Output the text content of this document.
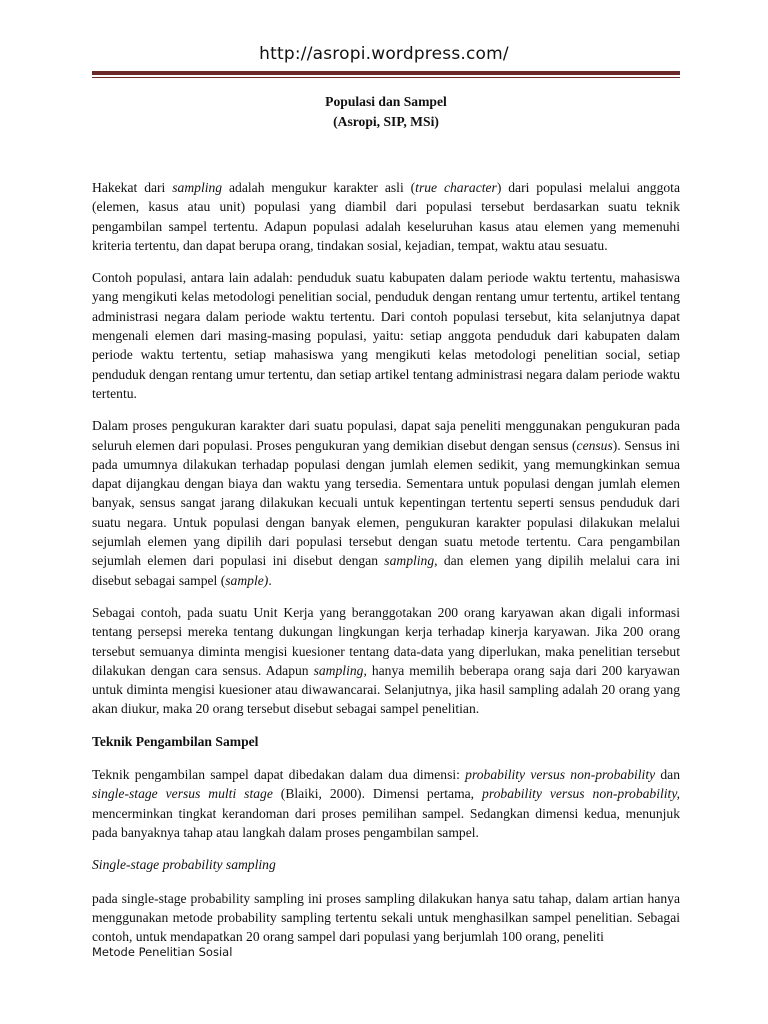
http://asropi.wordpress.com/
Populasi dan Sampel
(Asropi, SIP, MSi)

Hakekat dari sampling adalah mengukur karakter asli (true character) dari populasi melalui anggota (elemen, kasus atau unit) populasi yang diambil dari populasi tersebut berdasarkan suatu teknik pengambilan sampel tertentu. Adapun populasi adalah keseluruhan kasus atau elemen yang memenuhi kriteria tertentu, dan dapat berupa orang, tindakan sosial, kejadian, tempat, waktu atau sesuatu.

Contoh populasi, antara lain adalah: penduduk suatu kabupaten dalam periode waktu tertentu, mahasiswa yang mengikuti kelas metodologi penelitian social, penduduk dengan rentang umur tertentu, artikel tentang administrasi negara dalam periode waktu tertentu. Dari contoh populasi tersebut, kita selanjutnya dapat mengenali elemen dari masing-masing populasi, yaitu: setiap anggota penduduk dari kabupaten dalam periode waktu tertentu, setiap mahasiswa yang mengikuti kelas metodologi penelitian social, setiap penduduk dengan rentang umur tertentu, dan setiap artikel tentang administrasi negara dalam periode waktu tertentu.

Dalam proses pengukuran karakter dari suatu populasi, dapat saja peneliti menggunakan pengukuran pada seluruh elemen dari populasi. Proses pengukuran yang demikian disebut dengan sensus (census). Sensus ini pada umumnya dilakukan terhadap populasi dengan jumlah elemen sedikit, yang memungkinkan semua dapat dijangkau dengan biaya dan waktu yang tersedia. Sementara untuk populasi dengan jumlah elemen banyak, sensus sangat jarang dilakukan kecuali untuk kepentingan tertentu seperti sensus penduduk dari suatu negara. Untuk populasi dengan banyak elemen, pengukuran karakter populasi dilakukan melalui sejumlah elemen yang dipilih dari populasi tersebut dengan suatu metode tertentu. Cara pengambilan sejumlah elemen dari populasi ini disebut dengan sampling, dan elemen yang dipilih melalui cara ini disebut sebagai sampel (sample).

Sebagai contoh, pada suatu Unit Kerja yang beranggotakan 200 orang karyawan akan digali informasi tentang persepsi mereka tentang dukungan lingkungan kerja terhadap kinerja karyawan. Jika 200 orang tersebut semuanya diminta mengisi kuesioner tentang data-data yang diperlukan, maka penelitian tersebut dilakukan dengan cara sensus. Adapun sampling, hanya memilih beberapa orang saja dari 200 karyawan untuk diminta mengisi kuesioner atau diwawancarai. Selanjutnya, jika hasil sampling adalah 20 orang yang akan diukur, maka 20 orang tersebut disebut sebagai sampel penelitian.

Teknik Pengambilan Sampel

Teknik pengambilan sampel dapat dibedakan dalam dua dimensi: probability versus non-probability dan single-stage versus multi stage (Blaiki, 2000). Dimensi pertama, probability versus non-probability, mencerminkan tingkat kerandoman dari proses pemilihan sampel. Sedangkan dimensi kedua, menunjuk pada banyaknya tahap atau langkah dalam proses pengambilan sampel.

Single-stage probability sampling

pada single-stage probability sampling ini proses sampling dilakukan hanya satu tahap, dalam artian hanya menggunakan metode probability sampling tertentu sekali untuk menghasilkan sampel penelitian. Sebagai contoh, untuk mendapatkan 20 orang sampel dari populasi yang berjumlah 100 orang, peneliti

Metode Penelitian Sosial
